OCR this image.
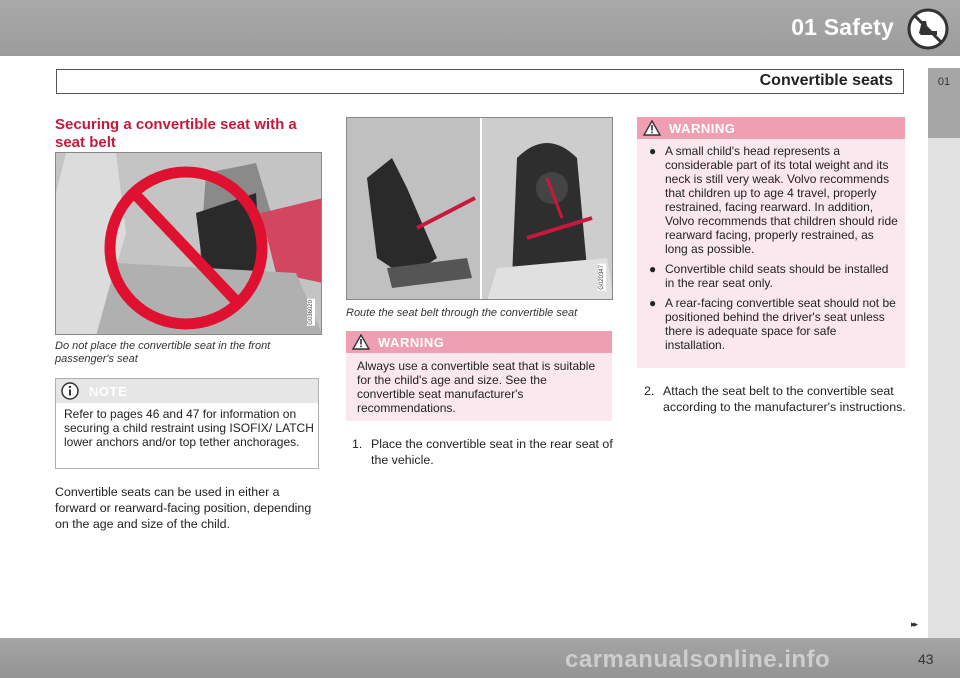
01 Safety
Convertible seats	01
Securing a convertible seat with a seat belt
G036020
Do not place the convertible seat in the front passenger's seat
NOTE
Refer to pages 46 and 47 for information on securing a child restraint using ISOFIX/ LATCH lower anchors and/or top tether anchorages.
Convertible seats can be used in either a forward or rearward-facing position, depending on the age and size of the child.
G020347
Route the seat belt through the convertible seat
WARNING
Always use a convertible seat that is suitable for the child's age and size. See the convertible seat manufacturer's recommendations.
1. Place the convertible seat in the rear seat of the vehicle.
WARNING
● A small child's head represents a considerable part of its total weight and its neck is still very weak. Volvo recommends that children up to age 4 travel, properly restrained, facing rearward. In addition, Volvo recommends that children should ride rearward facing, properly restrained, as long as possible.
● Convertible child seats should be installed in the rear seat only.
● A rear-facing convertible seat should not be positioned behind the driver's seat unless there is adequate space for safe installation.
2. Attach the seat belt to the convertible seat according to the manufacturer's instructions.
▸▸
carmanualsonline.info	43
